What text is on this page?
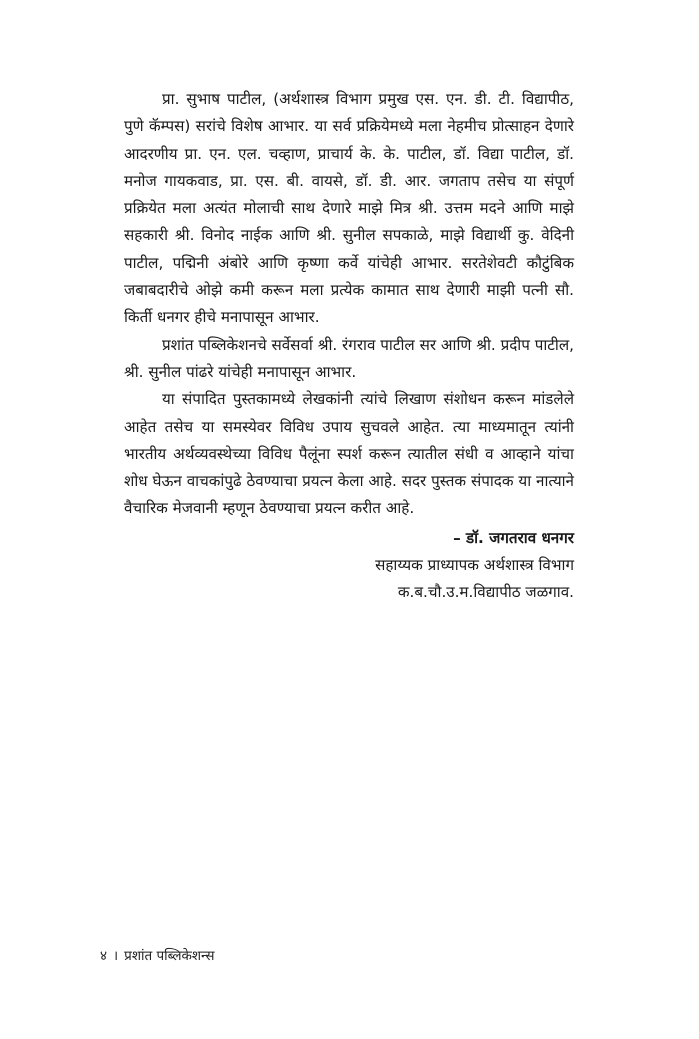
प्रा. सुभाष पाटील, (अर्थशास्त्र विभाग प्रमुख एस. एन. डी. टी. विद्यापीठ, पुणे कॅम्पस) सरांचे विशेष आभार. या सर्व प्रक्रियेमध्ये मला नेहमीच प्रोत्साहन देणारे आदरणीय प्रा. एन. एल. चव्हाण, प्राचार्य के. के. पाटील, डॉ. विद्या पाटील, डॉ. मनोज गायकवाड, प्रा. एस. बी. वायसे, डॉ. डी. आर. जगताप तसेच या संपूर्ण प्रक्रियेत मला अत्यंत मोलाची साथ देणारे माझे मित्र श्री. उत्तम मदने आणि माझे सहकारी श्री. विनोद नाईक आणि श्री. सुनील सपकाळे, माझे विद्यार्थी कु. वेदिनी पाटील, पद्मिनी अंबोरे आणि कृष्णा कर्वे यांचेही आभार. सरतेशेवटी कौटुंबिक जबाबदारीचे ओझे कमी करून मला प्रत्येक कामात साथ देणारी माझी पत्नी सौ. किर्ती धनगर हीचे मनापासून आभार.

प्रशांत पब्लिकेशनचे सर्वेसर्वा श्री. रंगराव पाटील सर आणि श्री. प्रदीप पाटील, श्री. सुनील पांढरे यांचेही मनापासून आभार.

या संपादित पुस्तकामध्ये लेखकांनी त्यांचे लिखाण संशोधन करून मांडलेले आहेत तसेच या समस्येवर विविध उपाय सुचवले आहेत. त्या माध्यमातून त्यांनी भारतीय अर्थव्यवस्थेच्या विविध पैलूंना स्पर्श करून त्यातील संधी व आव्हाने यांचा शोध घेऊन वाचकांपुढे ठेवण्याचा प्रयत्न केला आहे. सदर पुस्तक संपादक या नात्याने वैचारिक मेजवानी म्हणून ठेवण्याचा प्रयत्न करीत आहे.

– डॉ. जगतराव धनगर
सहाय्यक प्राध्यापक अर्थशास्त्र विभाग
क.ब.चौ.उ.म.विद्यापीठ जळगाव.
४ । प्रशांत पब्लिकेशन्स
